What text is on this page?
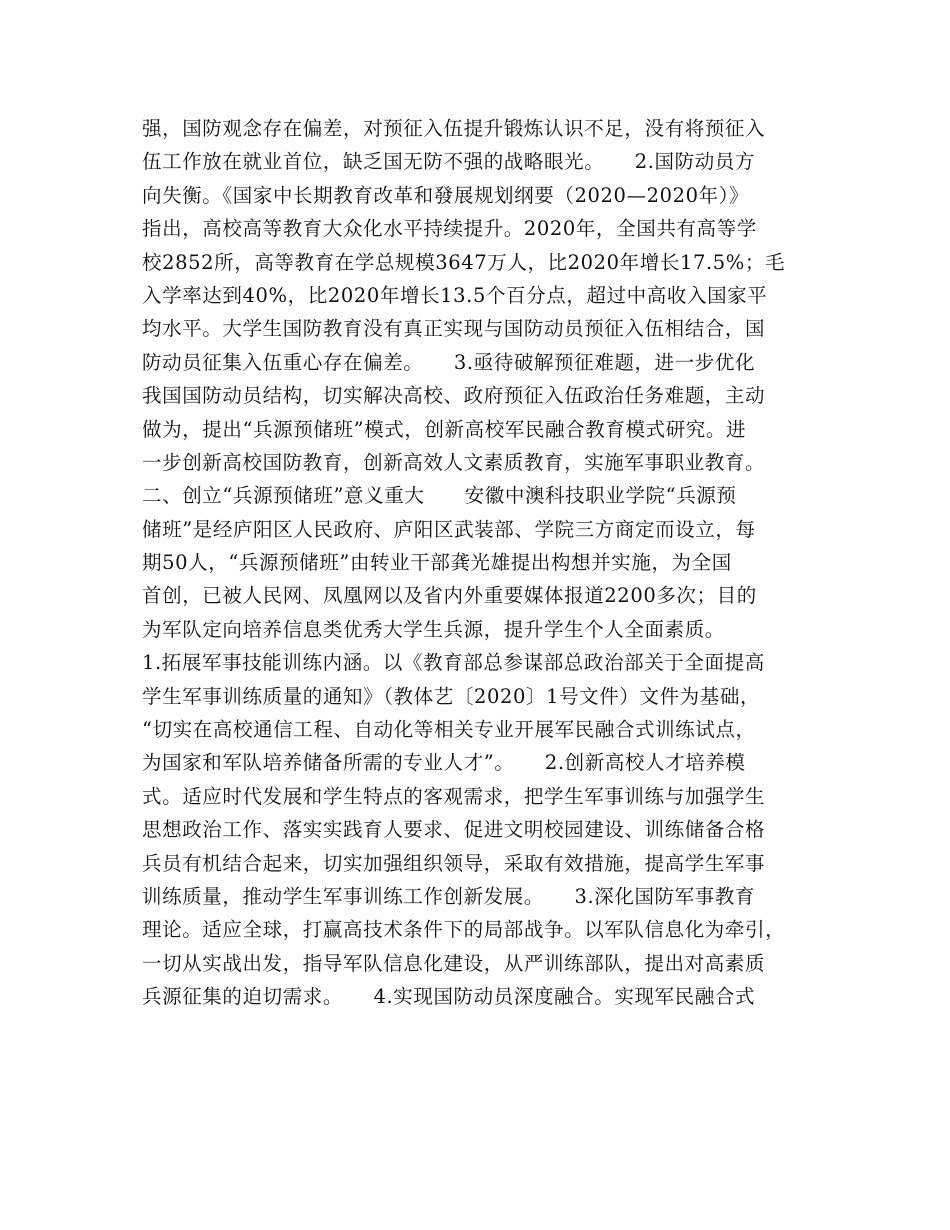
强，国防观念存在偏差，对预征入伍提升锻炼认识不足，没有将预征入
伍工作放在就业首位，缺乏国无防不强的战略眼光。　　2.国防动员方
向失衡。《国家中长期教育改革和發展规划纲要（2020—2020年）》
指出，高校高等教育大众化水平持续提升。2020年，全国共有高等学
校2852所，高等教育在学总规模3647万人，比2020年增长17.5%；毛
入学率达到40%，比2020年增长13.5个百分点，超过中高收入国家平
均水平。大学生国防教育没有真正实现与国防动员预征入伍相结合，国
防动员征集入伍重心存在偏差。　　3.亟待破解预征难题，进一步优化
我国国防动员结构，切实解决高校、政府预征入伍政治任务难题，主动
做为，提出“兵源预储班”模式，创新高校军民融合教育模式研究。进
一步创新高校国防教育，创新高效人文素质教育，实施军事职业教育。
二、创立“兵源预储班”意义重大　　安徽中澳科技职业学院“兵源预
储班”是经庐阳区人民政府、庐阳区武装部、学院三方商定而设立，每
期50人，“兵源预储班”由转业干部龚光雄提出构想并实施，为全国
首创，已被人民网、凤凰网以及省内外重要媒体报道2200多次；目的
为军队定向培养信息类优秀大学生兵源，提升学生个人全面素质。
1.拓展军事技能训练内涵。以《教育部总参谋部总政治部关于全面提高
学生军事训练质量的通知》（教体艺〔2020〕1号文件）文件为基础，
“切实在高校通信工程、自动化等相关专业开展军民融合式训练试点，
为国家和军队培养储备所需的专业人才”。　　2.创新高校人才培养模
式。适应时代发展和学生特点的客观需求，把学生军事训练与加强学生
思想政治工作、落实实践育人要求、促进文明校园建设、训练储备合格
兵员有机结合起来，切实加强组织领导，采取有效措施，提高学生军事
训练质量，推动学生军事训练工作创新发展。　　3.深化国防军事教育
理论。适应全球，打赢高技术条件下的局部战争。以军队信息化为牵引，
一切从实战出发，指导军队信息化建设，从严训练部队，提出对高素质
兵源征集的迫切需求。　　4.实现国防动员深度融合。实现军民融合式
